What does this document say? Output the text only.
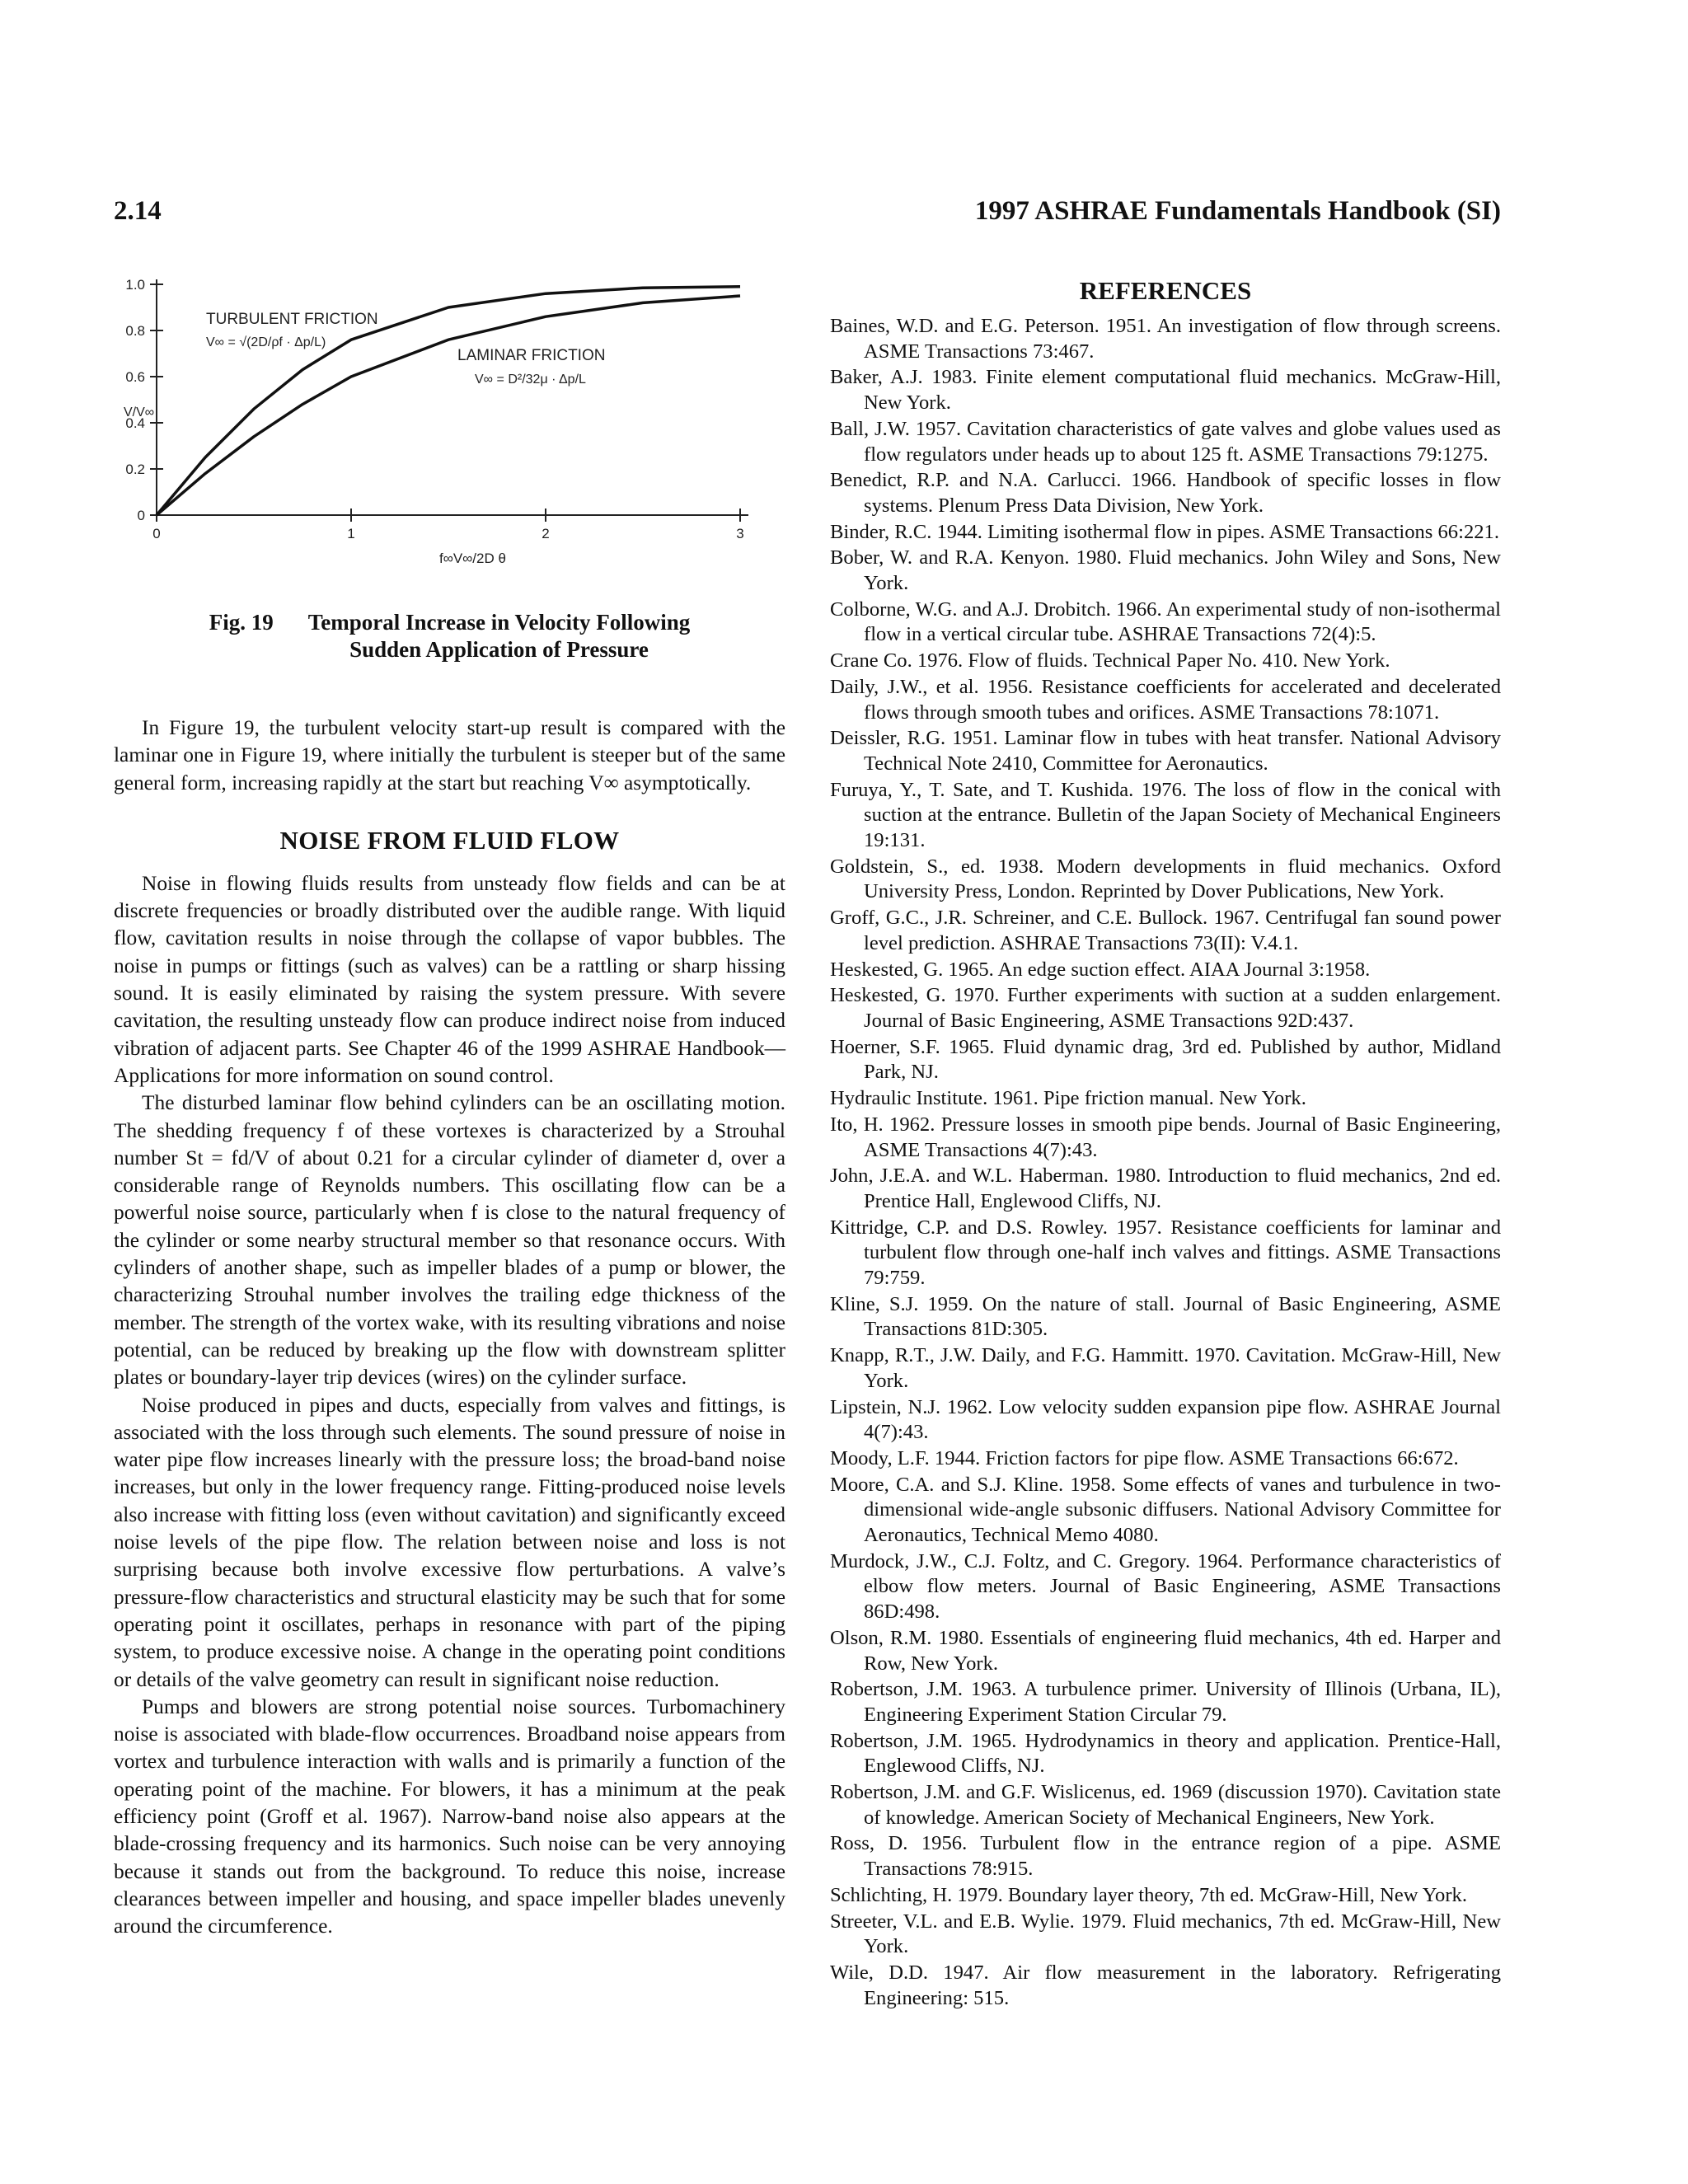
2.14	1997 ASHRAE Fundamentals Handbook (SI)
0
0.2
0.4
0.6
0.8
1.0
0	1	2	3
TURBULENT FRICTION
V∞ = √(2D/ρf · Δp/L)
LAMINAR FRICTION
V∞ = D²/32μ · Δp/L
V/V∞
f∞V∞/2D θ
Fig. 19 Temporal Increase in Velocity Following
Sudden Application of Pressure

In Figure 19, the turbulent velocity start-up result is compared with the laminar one in Figure 19, where initially the turbulent is steeper but of the same general form, increasing rapidly at the start but reaching V∞ asymptotically.

NOISE FROM FLUID FLOW

Noise in flowing fluids results from unsteady flow fields and can be at discrete frequencies or broadly distributed over the audible range. With liquid flow, cavitation results in noise through the collapse of vapor bubbles. The noise in pumps or fittings (such as valves) can be a rattling or sharp hissing sound. It is easily eliminated by raising the system pressure. With severe cavitation, the resulting unsteady flow can produce indirect noise from induced vibration of adjacent parts. See Chapter 46 of the 1999 ASHRAE Handbook—Applications for more information on sound control.

The disturbed laminar flow behind cylinders can be an oscillating motion. The shedding frequency f of these vortexes is characterized by a Strouhal number St = fd/V of about 0.21 for a circular cylinder of diameter d, over a considerable range of Reynolds numbers. This oscillating flow can be a powerful noise source, particularly when f is close to the natural frequency of the cylinder or some nearby structural member so that resonance occurs. With cylinders of another shape, such as impeller blades of a pump or blower, the characterizing Strouhal number involves the trailing edge thickness of the member. The strength of the vortex wake, with its resulting vibrations and noise potential, can be reduced by breaking up the flow with downstream splitter plates or boundary-layer trip devices (wires) on the cylinder surface.

Noise produced in pipes and ducts, especially from valves and fittings, is associated with the loss through such elements. The sound pressure of noise in water pipe flow increases linearly with the pressure loss; the broad-band noise increases, but only in the lower frequency range. Fitting-produced noise levels also increase with fitting loss (even without cavitation) and significantly exceed noise levels of the pipe flow. The relation between noise and loss is not surprising because both involve excessive flow perturbations. A valve’s pressure-flow characteristics and structural elasticity may be such that for some operating point it oscillates, perhaps in resonance with part of the piping system, to produce excessive noise. A change in the operating point conditions or details of the valve geometry can result in significant noise reduction.

Pumps and blowers are strong potential noise sources. Turbomachinery noise is associated with blade-flow occurrences. Broadband noise appears from vortex and turbulence interaction with walls and is primarily a function of the operating point of the machine. For blowers, it has a minimum at the peak efficiency point (Groff et al. 1967). Narrow-band noise also appears at the blade-crossing frequency and its harmonics. Such noise can be very annoying because it stands out from the background. To reduce this noise, increase clearances between impeller and housing, and space impeller blades unevenly around the circumference.

REFERENCES
Baines, W.D. and E.G. Peterson. 1951. An investigation of flow through screens. ASME Transactions 73:467.
Baker, A.J. 1983. Finite element computational fluid mechanics. McGraw-Hill, New York.
Ball, J.W. 1957. Cavitation characteristics of gate valves and globe values used as flow regulators under heads up to about 125 ft. ASME Transactions 79:1275.
Benedict, R.P. and N.A. Carlucci. 1966. Handbook of specific losses in flow systems. Plenum Press Data Division, New York.
Binder, R.C. 1944. Limiting isothermal flow in pipes. ASME Transactions 66:221.
Bober, W. and R.A. Kenyon. 1980. Fluid mechanics. John Wiley and Sons, New York.
Colborne, W.G. and A.J. Drobitch. 1966. An experimental study of non-isothermal flow in a vertical circular tube. ASHRAE Transactions 72(4):5.
Crane Co. 1976. Flow of fluids. Technical Paper No. 410. New York.
Daily, J.W., et al. 1956. Resistance coefficients for accelerated and decelerated flows through smooth tubes and orifices. ASME Transactions 78:1071.
Deissler, R.G. 1951. Laminar flow in tubes with heat transfer. National Advisory Technical Note 2410, Committee for Aeronautics.
Furuya, Y., T. Sate, and T. Kushida. 1976. The loss of flow in the conical with suction at the entrance. Bulletin of the Japan Society of Mechanical Engineers 19:131.
Goldstein, S., ed. 1938. Modern developments in fluid mechanics. Oxford University Press, London. Reprinted by Dover Publications, New York.
Groff, G.C., J.R. Schreiner, and C.E. Bullock. 1967. Centrifugal fan sound power level prediction. ASHRAE Transactions 73(II): V.4.1.
Heskested, G. 1965. An edge suction effect. AIAA Journal 3:1958.
Heskested, G. 1970. Further experiments with suction at a sudden enlargement. Journal of Basic Engineering, ASME Transactions 92D:437.
Hoerner, S.F. 1965. Fluid dynamic drag, 3rd ed. Published by author, Midland Park, NJ.
Hydraulic Institute. 1961. Pipe friction manual. New York.
Ito, H. 1962. Pressure losses in smooth pipe bends. Journal of Basic Engineering, ASME Transactions 4(7):43.
John, J.E.A. and W.L. Haberman. 1980. Introduction to fluid mechanics, 2nd ed. Prentice Hall, Englewood Cliffs, NJ.
Kittridge, C.P. and D.S. Rowley. 1957. Resistance coefficients for laminar and turbulent flow through one-half inch valves and fittings. ASME Transactions 79:759.
Kline, S.J. 1959. On the nature of stall. Journal of Basic Engineering, ASME Transactions 81D:305.
Knapp, R.T., J.W. Daily, and F.G. Hammitt. 1970. Cavitation. McGraw-Hill, New York.
Lipstein, N.J. 1962. Low velocity sudden expansion pipe flow. ASHRAE Journal 4(7):43.
Moody, L.F. 1944. Friction factors for pipe flow. ASME Transactions 66:672.
Moore, C.A. and S.J. Kline. 1958. Some effects of vanes and turbulence in two-dimensional wide-angle subsonic diffusers. National Advisory Committee for Aeronautics, Technical Memo 4080.
Murdock, J.W., C.J. Foltz, and C. Gregory. 1964. Performance characteristics of elbow flow meters. Journal of Basic Engineering, ASME Transactions 86D:498.
Olson, R.M. 1980. Essentials of engineering fluid mechanics, 4th ed. Harper and Row, New York.
Robertson, J.M. 1963. A turbulence primer. University of Illinois (Urbana, IL), Engineering Experiment Station Circular 79.
Robertson, J.M. 1965. Hydrodynamics in theory and application. Prentice-Hall, Englewood Cliffs, NJ.
Robertson, J.M. and G.F. Wislicenus, ed. 1969 (discussion 1970). Cavitation state of knowledge. American Society of Mechanical Engineers, New York.
Ross, D. 1956. Turbulent flow in the entrance region of a pipe. ASME Transactions 78:915.
Schlichting, H. 1979. Boundary layer theory, 7th ed. McGraw-Hill, New York.
Streeter, V.L. and E.B. Wylie. 1979. Fluid mechanics, 7th ed. McGraw-Hill, New York.
Wile, D.D. 1947. Air flow measurement in the laboratory. Refrigerating Engineering: 515.
